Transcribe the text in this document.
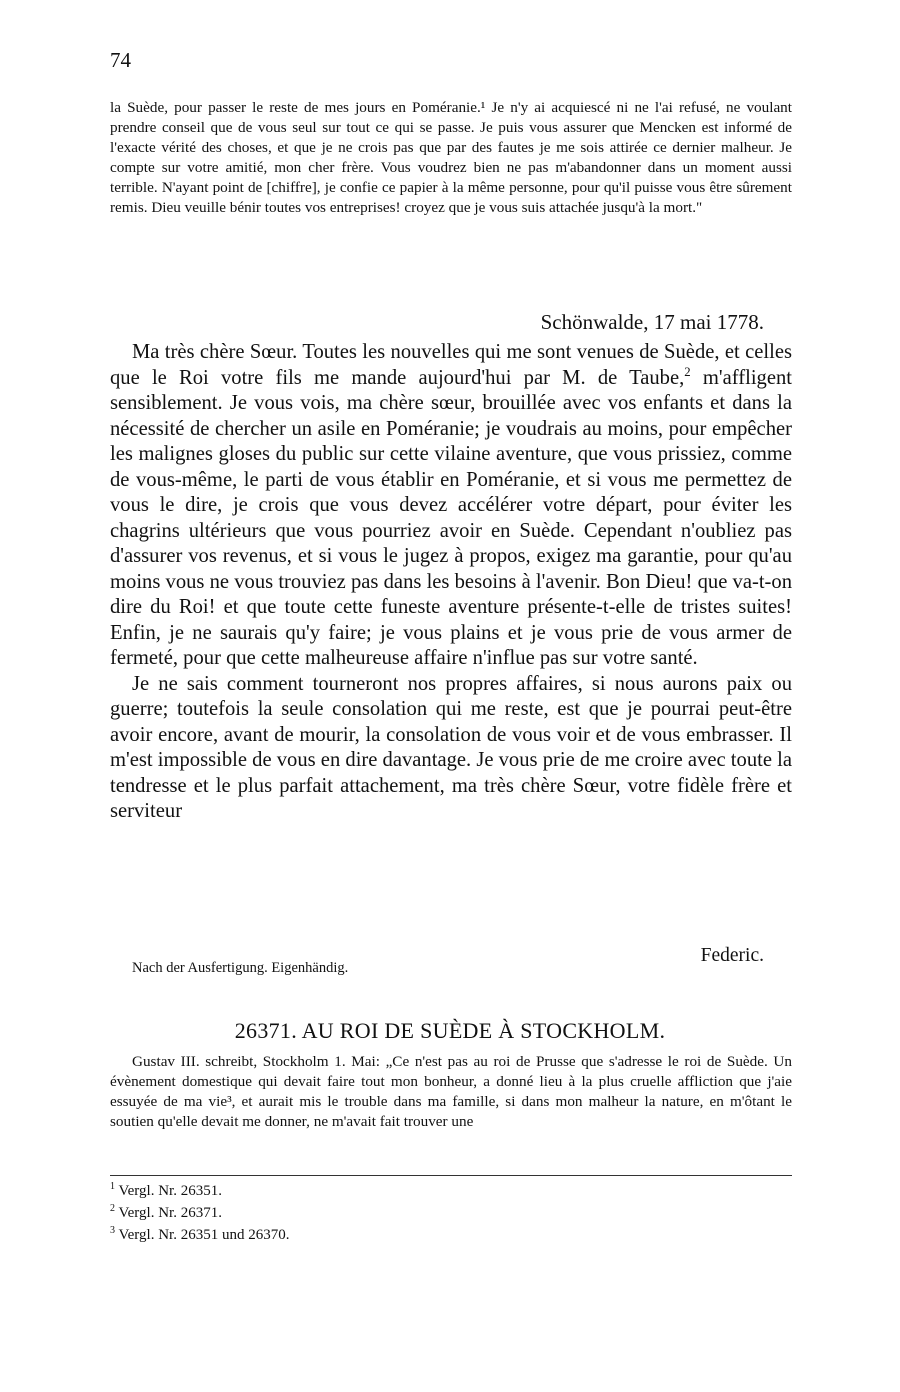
74
la Suède, pour passer le reste de mes jours en Poméranie.¹ Je n'y ai acquiescé ni ne l'ai refusé, ne voulant prendre conseil que de vous seul sur tout ce qui se passe. Je puis vous assurer que Mencken est informé de l'exacte vérité des choses, et que je ne crois pas que par des fautes je me sois attirée ce dernier malheur. Je compte sur votre amitié, mon cher frère. Vous voudrez bien ne pas m'abandonner dans un moment aussi terrible. N'ayant point de [chiffre], je confie ce papier à la même personne, pour qu'il puisse vous être sûrement remis. Dieu veuille bénir toutes vos entreprises! croyez que je vous suis attachée jusqu'à la mort."
Schönwalde, 17 mai 1778.

Ma très chère Sœur. Toutes les nouvelles qui me sont venues de Suède, et celles que le Roi votre fils me mande aujourd'hui par M. de Taube,$^2$ m'affligent sensiblement. Je vous vois, ma chère sœur, brouillée avec vos enfants et dans la nécessité de chercher un asile en Poméranie; je voudrais au moins, pour empêcher les malignes gloses du public sur cette vilaine aventure, que vous prissiez, comme de vous-même, le parti de vous établir en Poméranie, et si vous me permettez de vous le dire, je crois que vous devez accélérer votre départ, pour éviter les chagrins ultérieurs que vous pourriez avoir en Suède. Cependant n'oubliez pas d'assurer vos revenus, et si vous le jugez à propos, exigez ma garantie, pour qu'au moins vous ne vous trouviez pas dans les besoins à l'avenir. Bon Dieu! que va-t-on dire du Roi! et que toute cette funeste aventure présente-t-elle de tristes suites! Enfin, je ne saurais qu'y faire; je vous plains et je vous prie de vous armer de fermeté, pour que cette malheureuse affaire n'influe pas sur votre santé.

Je ne sais comment tourneront nos propres affaires, si nous aurons paix ou guerre; toutefois la seule consolation qui me reste, est que je pourrai peut-être avoir encore, avant de mourir, la consolation de vous voir et de vous embrasser. Il m'est impossible de vous en dire davantage. Je vous prie de me croire avec toute la tendresse et le plus parfait attachement, ma très chère Sœur, votre fidèle frère et serviteur

Federic.
Nach der Ausfertigung. Eigenhändig.
26371. AU ROI DE SUÈDE À STOCKHOLM.
Gustav III. schreibt, Stockholm 1. Mai: „Ce n'est pas au roi de Prusse que s'adresse le roi de Suède. Un évènement domestique qui devait faire tout mon bonheur, a donné lieu à la plus cruelle affliction que j'aie essuyée de ma vie³, et aurait mis le trouble dans ma famille, si dans mon malheur la nature, en m'ôtant le soutien qu'elle devait me donner, ne m'avait fait trouver une
$^1$ Vergl. Nr. 26351.
$^2$ Vergl. Nr. 26371.
$^3$ Vergl. Nr. 26351 und 26370.
